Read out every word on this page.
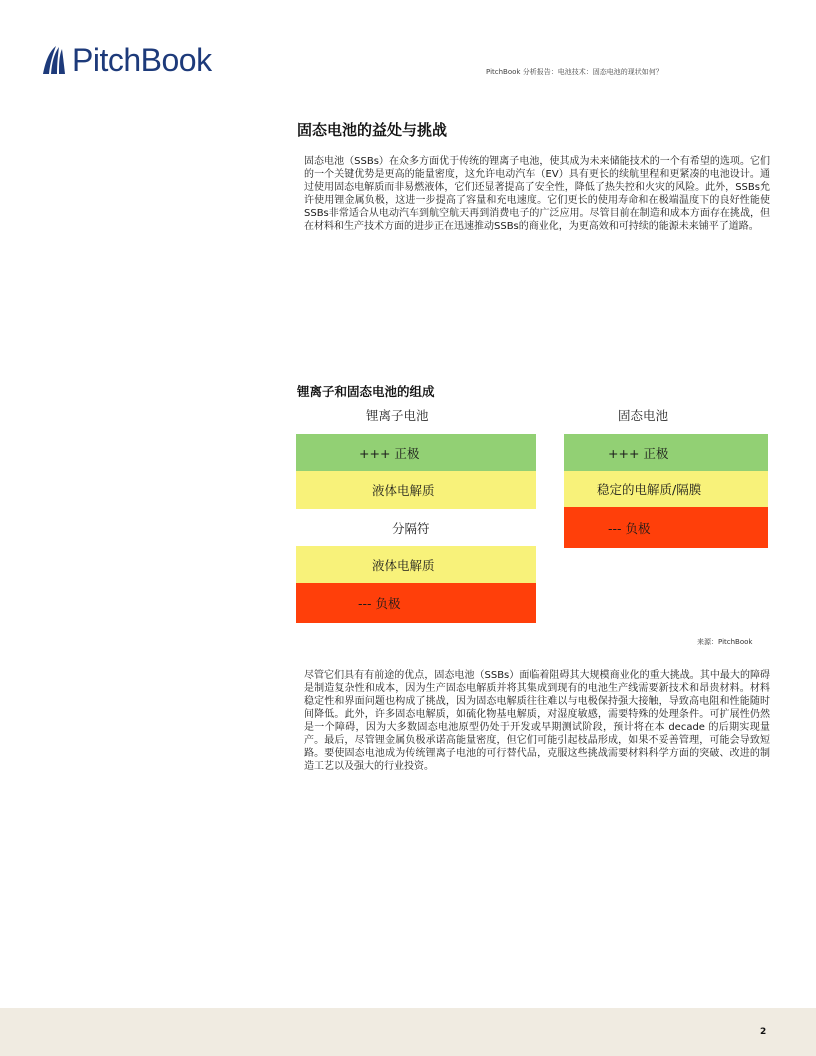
PitchBook	PitchBook 分析报告：电池技术：固态电池的现状如何？
固态电池的益处与挑战
固态电池（SSBs）在众多方面优于传统的锂离子电池，使其成为未来储能技术的一个有希望的选项。它们的一个关键优势是更高的能量密度，这允许电动汽车（EV）具有更长的续航里程和更紧凑的电池设计。通过使用固态电解质而非易燃液体，它们还显著提高了安全性，降低了热失控和火灾的风险。此外，SSBs允许使用锂金属负极，这进一步提高了容量和充电速度。它们更长的使用寿命和在极端温度下的良好性能使SSBs非常适合从电动汽车到航空航天再到消费电子的广泛应用。尽管目前在制造和成本方面存在挑战，但在材料和生产技术方面的进步正在迅速推动SSBs的商业化，为更高效和可持续的能源未来铺平了道路。
锂离子和固态电池的组成
锂离子电池	固态电池
+++ 正极
液体电解质
分隔符
液体电解质
--- 负极
+++ 正极
稳定的电解质/隔膜
--- 负极
来源：PitchBook
尽管它们具有有前途的优点，固态电池（SSBs）面临着阻碍其大规模商业化的重大挑战。其中最大的障碍是制造复杂性和成本，因为生产固态电解质并将其集成到现有的电池生产线需要新技术和昂贵材料。材料稳定性和界面问题也构成了挑战，因为固态电解质往往难以与电极保持强大接触，导致高电阻和性能随时间降低。此外，许多固态电解质，如硫化物基电解质，对湿度敏感，需要特殊的处理条件。可扩展性仍然是一个障碍，因为大多数固态电池原型仍处于开发或早期测试阶段，预计将在本 decade 的后期实现量产。最后，尽管锂金属负极承诺高能量密度，但它们可能引起枝晶形成，如果不妥善管理，可能会导致短路。要使固态电池成为传统锂离子电池的可行替代品，克服这些挑战需要材料科学方面的突破、改进的制造工艺以及强大的行业投资。
2
